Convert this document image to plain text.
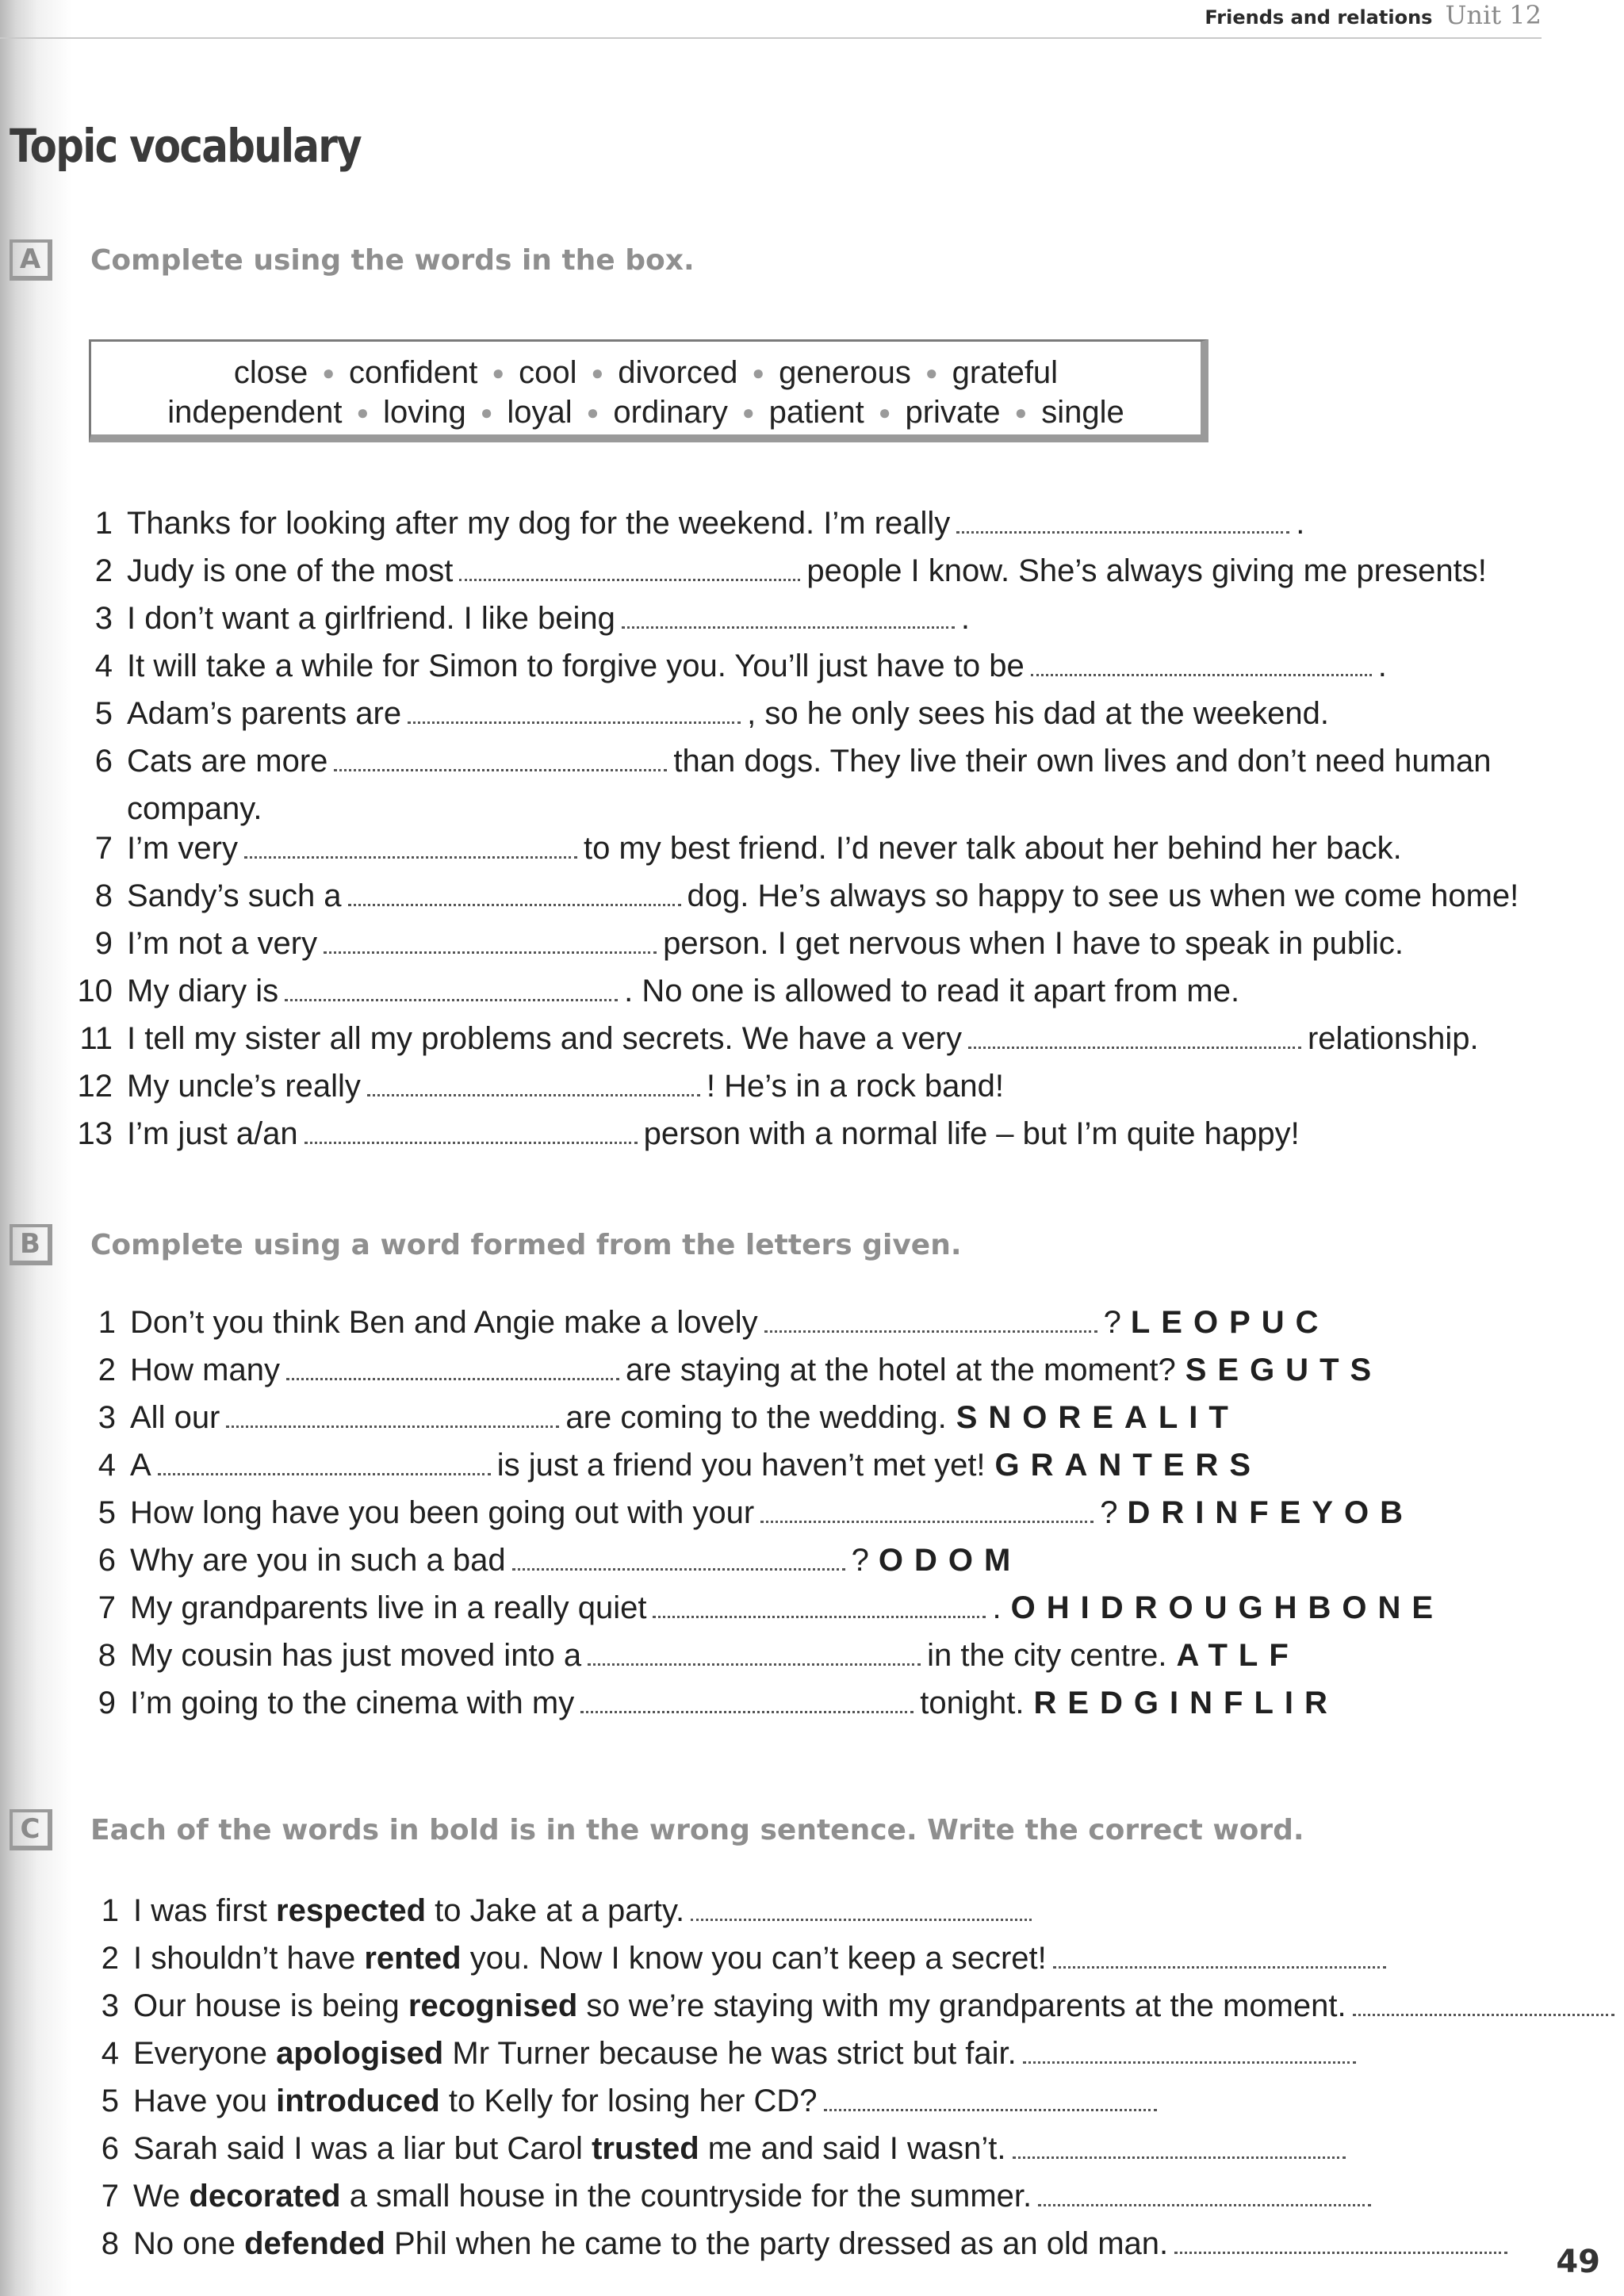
Friends and relations Unit 12
Topic vocabulary
A	Complete using the words in the box.
close ● confident ● cool ● divorced ● generous ● grateful
independent ● loving ● loyal ● ordinary ● patient ● private ● single
1 Thanks for looking after my dog for the weekend. I’m really	.
2 Judy is one of the most	people I know. She’s always giving me presents!
3 I don’t want a girlfriend. I like being	.
4 It will take a while for Simon to forgive you. You’ll just have to be	.
5 Adam’s parents are	, so he only sees his dad at the weekend.
6 Cats are more	than dogs. They live their own lives and don’t need human company.
7 I’m very	to my best friend. I’d never talk about her behind her back.
8 Sandy’s such a	dog. He’s always so happy to see us when we come home!
9 I’m not a very	person. I get nervous when I have to speak in public.
10 My diary is	. No one is allowed to read it apart from me.
11 I tell my sister all my problems and secrets. We have a very	relationship.
12 My uncle’s really	! He’s in a rock band!
13 I’m just a/an	person with a normal life – but I’m quite happy!
B	Complete using a word formed from the letters given.
1 Don’t you think Ben and Angie make a lovely	? LEOPUC
2 How many	are staying at the hotel at the moment? SEGUTS
3 All our	are coming to the wedding. SNOREALIT
4 A	is just a friend you haven’t met yet! GRANTERS
5 How long have you been going out with your	? DRINFEYOB
6 Why are you in such a bad	? ODOM
7 My grandparents live in a really quiet	. OHIDROUGHBONE
8 My cousin has just moved into a	in the city centre. ATLF
9 I’m going to the cinema with my	tonight. REDGINFLIR
C	Each of the words in bold is in the wrong sentence. Write the correct word.
1 I was first respected to Jake at a party.
2 I shouldn’t have rented you. Now I know you can’t keep a secret!
3 Our house is being recognised so we’re staying with my grandparents at the moment.
4 Everyone apologised Mr Turner because he was strict but fair.
5 Have you introduced to Kelly for losing her CD?
6 Sarah said I was a liar but Carol trusted me and said I wasn’t.
7 We decorated a small house in the countryside for the summer.
8 No one defended Phil when he came to the party dressed as an old man.	49
